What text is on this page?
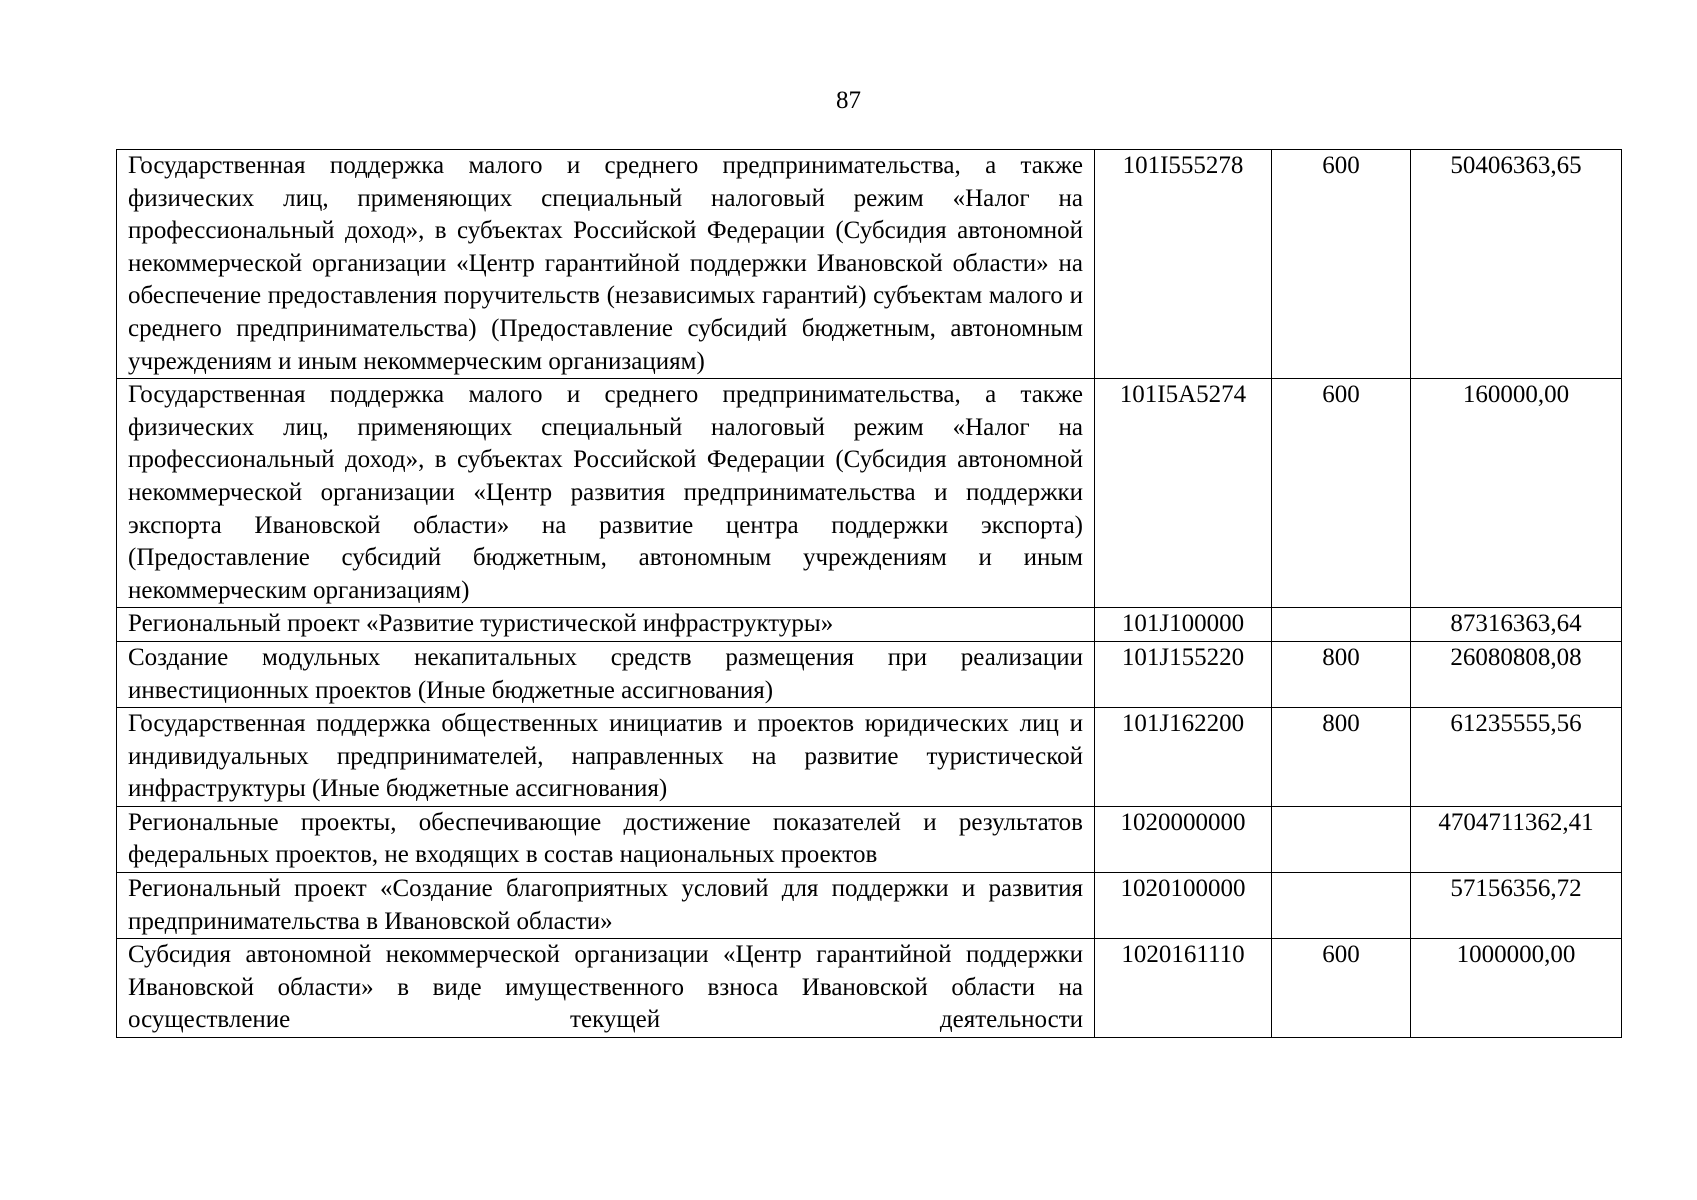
87
Государственная поддержка малого и среднего предпринимательства, а также физических лиц, применяющих специальный налоговый режим «Налог на профессиональный доход», в субъектах Российской Федерации (Субсидия автономной некоммерческой организации «Центр гарантийной поддержки Ивановской области» на обеспечение предоставления поручительств (независимых гарантий) субъектам малого и среднего предпринимательства) (Предоставление субсидий бюджетным, автономным учреждениям и иным некоммерческим организациям)	101I555278	600	50406363,65
Государственная поддержка малого и среднего предпринимательства, а также физических лиц, применяющих специальный налоговый режим «Налог на профессиональный доход», в субъектах Российской Федерации (Субсидия автономной некоммерческой организации «Центр развития предпринимательства и поддержки экспорта Ивановской области» на развитие центра поддержки экспорта) (Предоставление субсидий бюджетным, автономным учреждениям и иным некоммерческим организациям)	101I5A5274	600	160000,00
Региональный проект «Развитие туристической инфраструктуры»	101J100000		87316363,64
Создание модульных некапитальных средств размещения при реализации инвестиционных проектов (Иные бюджетные ассигнования)	101J155220	800	26080808,08
Государственная поддержка общественных инициатив и проектов юридических лиц и индивидуальных предпринимателей, направленных на развитие туристической инфраструктуры (Иные бюджетные ассигнования)	101J162200	800	61235555,56
Региональные проекты, обеспечивающие достижение показателей и результатов федеральных проектов, не входящих в состав национальных проектов	1020000000		4704711362,41
Региональный проект «Создание благоприятных условий для поддержки и развития предпринимательства в Ивановской области»	1020100000		57156356,72
Субсидия автономной некоммерческой организации «Центр гарантийной поддержки Ивановской области» в виде имущественного взноса Ивановской области на осуществление текущей деятельности	1020161110	600	1000000,00
